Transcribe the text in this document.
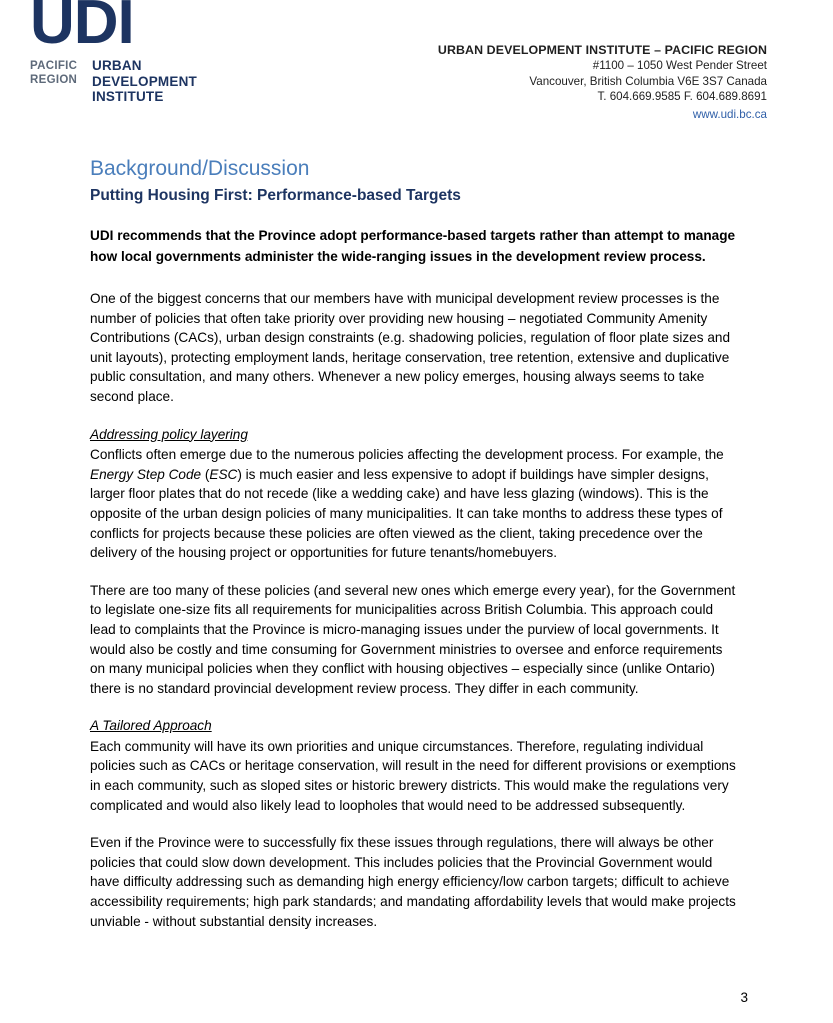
UDI
PACIFIC
REGION
URBAN
DEVELOPMENT
INSTITUTE
URBAN DEVELOPMENT INSTITUTE – PACIFIC REGION
#1100 – 1050 West Pender Street
Vancouver, British Columbia V6E 3S7 Canada
T. 604.669.9585 F. 604.689.8691
www.udi.bc.ca
Background/Discussion
Putting Housing First: Performance-based Targets

UDI recommends that the Province adopt performance-based targets rather than attempt to manage how local governments administer the wide-ranging issues in the development review process.

One of the biggest concerns that our members have with municipal development review processes is the number of policies that often take priority over providing new housing – negotiated Community Amenity Contributions (CACs), urban design constraints (e.g. shadowing policies, regulation of floor plate sizes and unit layouts), protecting employment lands, heritage conservation, tree retention, extensive and duplicative public consultation, and many others. Whenever a new policy emerges, housing always seems to take second place.

Addressing policy layering

Conflicts often emerge due to the numerous policies affecting the development process. For example, the Energy Step Code (ESC) is much easier and less expensive to adopt if buildings have simpler designs, larger floor plates that do not recede (like a wedding cake) and have less glazing (windows). This is the opposite of the urban design policies of many municipalities. It can take months to address these types of conflicts for projects because these policies are often viewed as the client, taking precedence over the delivery of the housing project or opportunities for future tenants/homebuyers.

There are too many of these policies (and several new ones which emerge every year), for the Government to legislate one-size fits all requirements for municipalities across British Columbia. This approach could lead to complaints that the Province is micro-managing issues under the purview of local governments. It would also be costly and time consuming for Government ministries to oversee and enforce requirements on many municipal policies when they conflict with housing objectives – especially since (unlike Ontario) there is no standard provincial development review process. They differ in each community.

A Tailored Approach

Each community will have its own priorities and unique circumstances. Therefore, regulating individual policies such as CACs or heritage conservation, will result in the need for different provisions or exemptions in each community, such as sloped sites or historic brewery districts. This would make the regulations very complicated and would also likely lead to loopholes that would need to be addressed subsequently.

Even if the Province were to successfully fix these issues through regulations, there will always be other policies that could slow down development. This includes policies that the Provincial Government would have difficulty addressing such as demanding high energy efficiency/low carbon targets; difficult to achieve accessibility requirements; high park standards; and mandating affordability levels that would make projects unviable - without substantial density increases.

3
